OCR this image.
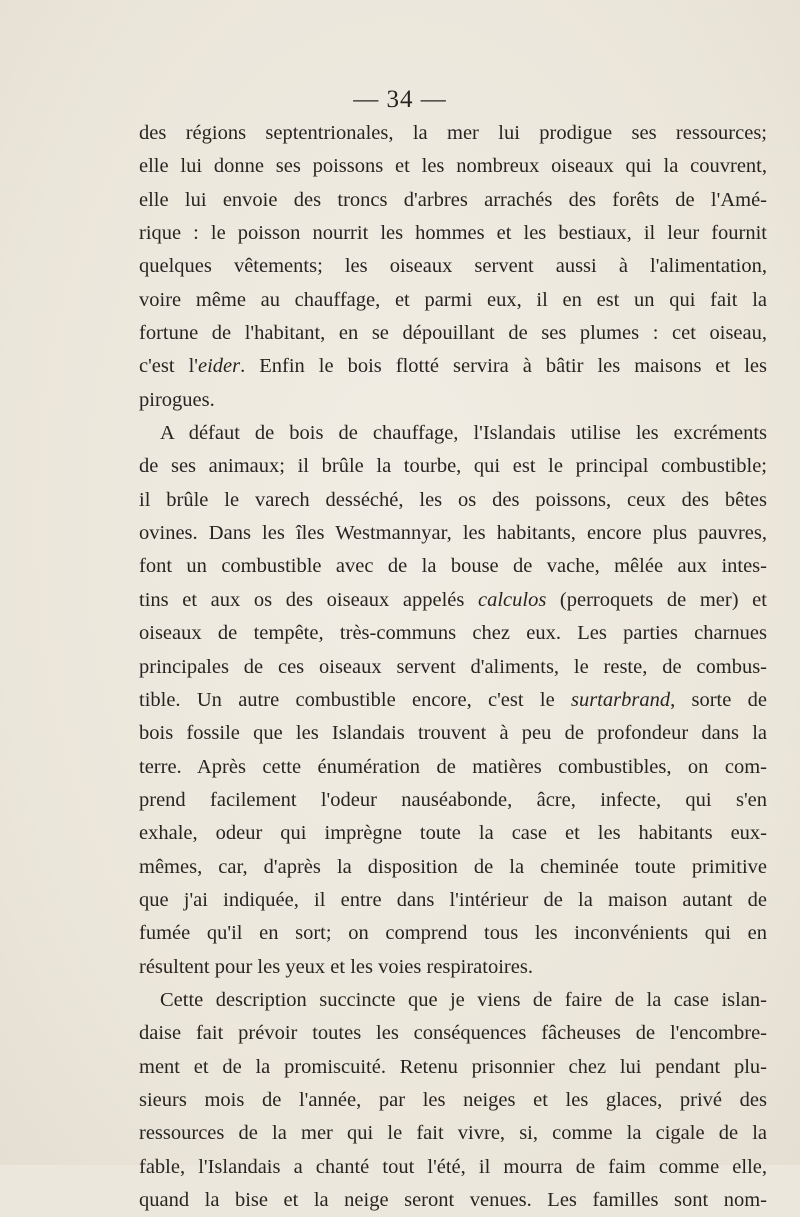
— 34 —
des régions septentrionales, la mer lui prodigue ses ressources;
elle lui donne ses poissons et les nombreux oiseaux qui la couvrent,
elle lui envoie des troncs d'arbres arrachés des forêts de l'Amé-
rique : le poisson nourrit les hommes et les bestiaux, il leur fournit
quelques vêtements; les oiseaux servent aussi à l'alimentation,
voire même au chauffage, et parmi eux, il en est un qui fait la
fortune de l'habitant, en se dépouillant de ses plumes : cet oiseau,
c'est l'eider. Enfin le bois flotté servira à bâtir les maisons et les
pirogues.
A défaut de bois de chauffage, l'Islandais utilise les excréments
de ses animaux; il brûle la tourbe, qui est le principal combustible;
il brûle le varech desséché, les os des poissons, ceux des bêtes
ovines. Dans les îles Westmannyar, les habitants, encore plus pauvres,
font un combustible avec de la bouse de vache, mêlée aux intes-
tins et aux os des oiseaux appelés calculos (perroquets de mer) et
oiseaux de tempête, très-communs chez eux. Les parties charnues
principales de ces oiseaux servent d'aliments, le reste, de combus-
tible. Un autre combustible encore, c'est le surtarbrand, sorte de
bois fossile que les Islandais trouvent à peu de profondeur dans la
terre. Après cette énumération de matières combustibles, on com-
prend facilement l'odeur nauséabonde, âcre, infecte, qui s'en
exhale, odeur qui imprègne toute la case et les habitants eux-
mêmes, car, d'après la disposition de la cheminée toute primitive
que j'ai indiquée, il entre dans l'intérieur de la maison autant de
fumée qu'il en sort; on comprend tous les inconvénients qui en
résultent pour les yeux et les voies respiratoires.
Cette description succincte que je viens de faire de la case islan-
daise fait prévoir toutes les conséquences fâcheuses de l'encombre-
ment et de la promiscuité. Retenu prisonnier chez lui pendant plu-
sieurs mois de l'année, par les neiges et les glaces, privé des
ressources de la mer qui le fait vivre, si, comme la cigale de la
fable, l'Islandais a chanté tout l'été, il mourra de faim comme elle,
quand la bise et la neige seront venues. Les familles sont nom-
